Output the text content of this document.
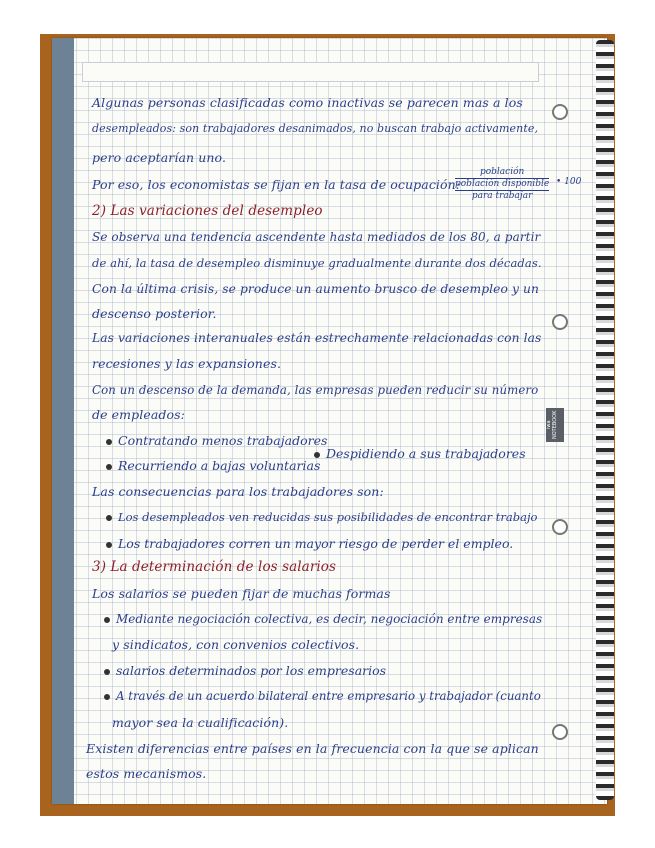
iwa NOTEBOOK
Algunas personas clasificadas como inactivas se parecen mas a los
desempleados: son trabajadores desanimados, no buscan trabajo activamente,
pero aceptarían uno.
Por eso, los economistas se fijan en la tasa de ocupación:
población
población disponible
para trabajar
• 100
2) Las variaciones del desempleo
Se observa una tendencia ascendente hasta mediados de los 80, a partir
de ahí, la tasa de desempleo disminuye gradualmente durante dos décadas.
Con la última crisis, se produce un aumento brusco de desempleo y un
descenso posterior.
Las variaciones interanuales están estrechamente relacionadas con las
recesiones y las expansiones.
Con un descenso de la demanda, las empresas pueden reducir su número
de empleados:
Contratando menos trabajadores
Recurriendo a bajas voluntarias
Despidiendo a sus trabajadores
Las consecuencias para los trabajadores son:
Los desempleados ven reducidas sus posibilidades de encontrar trabajo
Los trabajadores corren un mayor riesgo de perder el empleo.
3) La determinación de los salarios
Los salarios se pueden fijar de muchas formas
Mediante negociación colectiva, es decir, negociación entre empresas
y sindicatos, con convenios colectivos.
salarios determinados por los empresarios
A través de un acuerdo bilateral entre empresario y trabajador (cuanto
mayor sea la cualificación).
Existen diferencias entre países en la frecuencia con la que se aplican
estos mecanismos.
